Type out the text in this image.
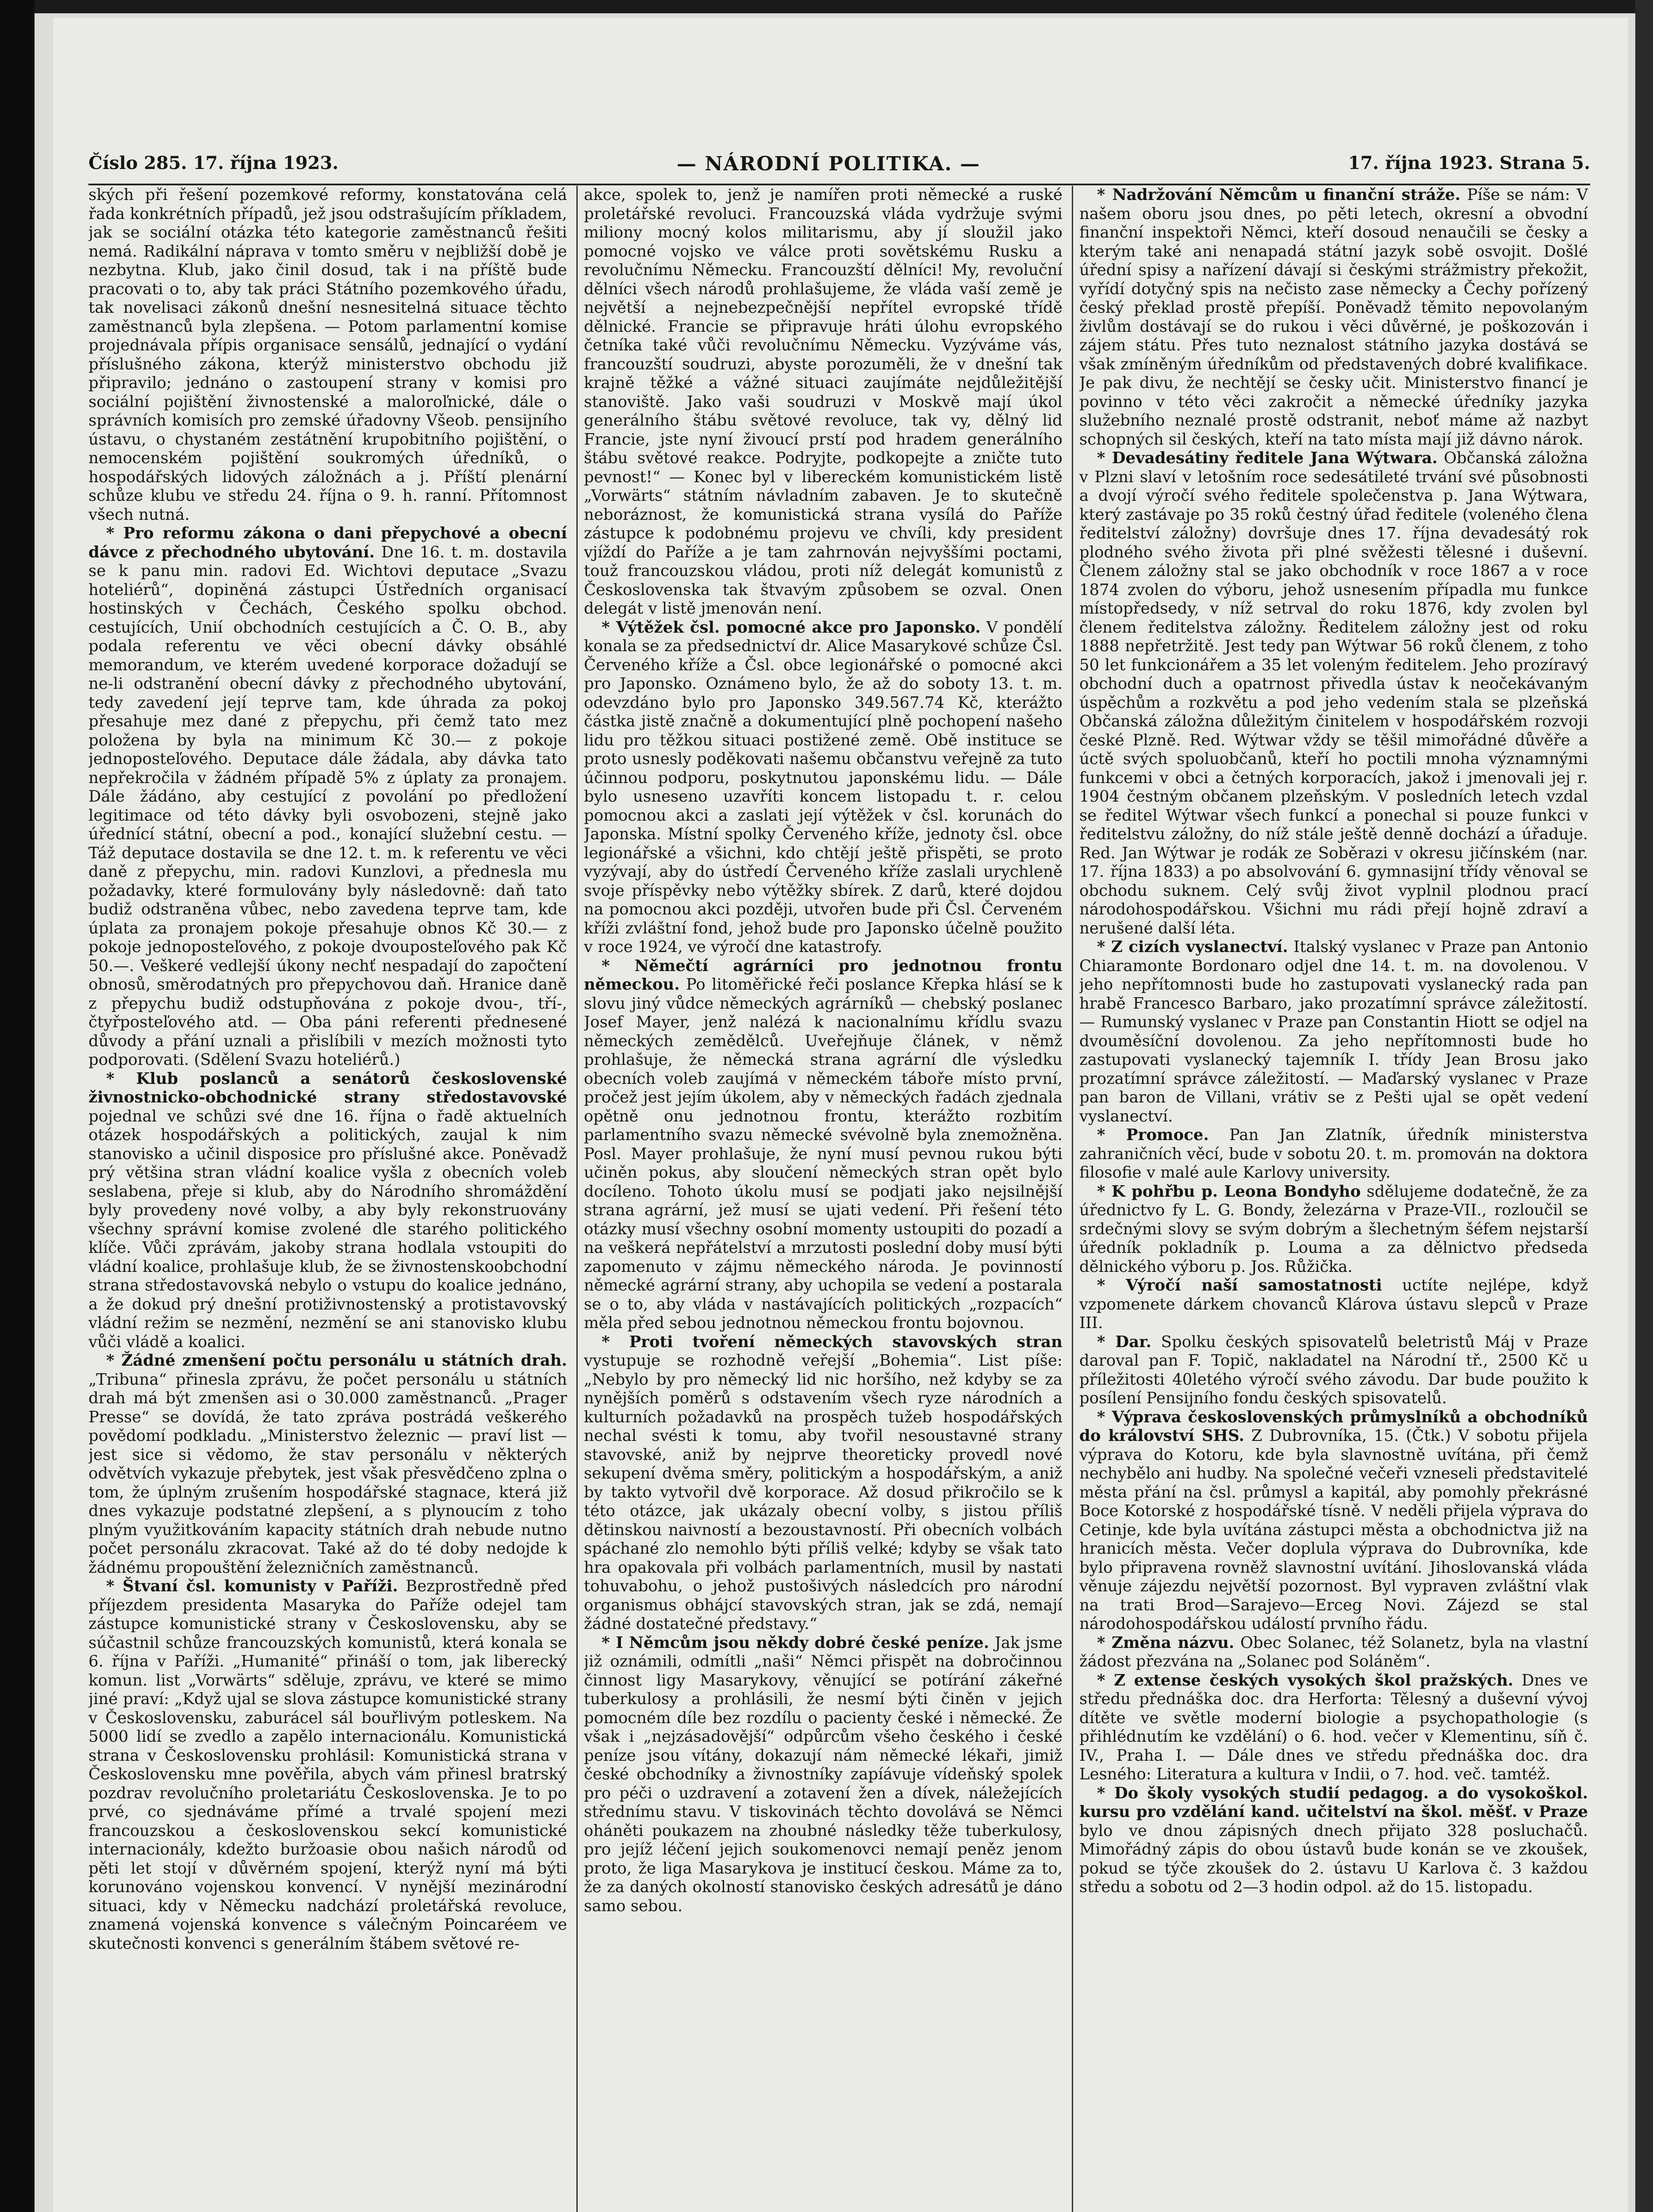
Číslo 285. 17. října 1923.	— NÁRODNÍ POLITIKA. —	17. října 1923. Strana 5.

ských při řešení pozemkové reformy, konstatována celá řada konkrétních případů, jež jsou odstrašujícím příkladem, jak se sociální otázka této kategorie zaměstnanců řešiti nemá. Radikální náprava v tomto směru v nejbližší době je nezbytna. Klub, jako činil dosud, tak i na příště bude pracovati o to, aby tak práci Státního pozemkového úřadu, tak novelisaci zákonů dnešní nesnesitelná situace těchto zaměstnanců byla zlepšena. — Potom parlamentní komise projednávala přípis organisace sensálů, jednající o vydání příslušného zákona, kterýž ministerstvo obchodu již připravilo; jednáno o zastoupení strany v komisi pro sociální pojištění živnostenské a maloroľnické, dále o správních komisích pro zemské úřadovny Všeob. pensijního ústavu, o chystaném zestátnění krupobitního pojištění, o nemocenském pojištění soukromých úředníků, o hospodářských lidových záložnách a j. Příští plenární schůze klubu ve středu 24. října o 9. h. ranní. Přítomnost všech nutná.

* Pro reformu zákona o dani přepychové a obecní dávce z přechodného ubytování. Dne 16. t. m. dostavila se k panu min. radovi Ed. Wichtovi deputace „Svazu hoteliérů“, dopiněná zástupci Ústředních organisací hostinských v Čechách, Českého spolku obchod. cestujících, Unií obchodních cestujících a Č. O. B., aby podala referentu ve věci obecní dávky obsáhlé memorandum, ve kterém uvedené korporace dožadují se ne-li odstranění obecní dávky z přechodného ubytování, tedy zavedení její teprve tam, kde úhrada za pokoj přesahuje mez dané z přepychu, při čemž tato mez položena by byla na minimum Kč 30.— z pokoje jednoposteľového. Deputace dále žádala, aby dávka tato nepřekročila v žádném případě 5% z úplaty za pronajem. Dále žádáno, aby cestující z povolání po předložení legitimace od této dávky byli osvobozeni, stejně jako úřednící státní, obecní a pod., konající služební cestu. — Táž deputace dostavila se dne 12. t. m. k referentu ve věci daně z přepychu, min. radovi Kunzlovi, a přednesla mu požadavky, které formulovány byly následovně: daň tato budiž odstraněna vůbec, nebo zavedena teprve tam, kde úplata za pronajem pokoje přesahuje obnos Kč 30.— z pokoje jednoposteľového, z pokoje dvouposteľového pak Kč 50.—. Veškeré vedlejší úkony nechť nespadají do započtení obnosů, směrodatných pro přepychovou daň. Hranice daně z přepychu budiž odstupňována z pokoje dvou-, tří-, čtyřposteľového atd. — Oba páni referenti přednesené důvody a přání uznali a přislíbili v mezích možnosti tyto podporovati. (Sdělení Svazu hoteliérů.)

* Klub poslanců a senátorů československé živnostnicko-obchodnické strany středostavovské pojednal ve schůzi své dne 16. října o řadě aktuelních otázek hospodářských a politických, zaujal k nim stanovisko a učinil disposice pro příslušné akce. Poněvadž prý většina stran vládní koalice vyšla z obecních voleb seslabena, přeje si klub, aby do Národního shromáždění byly provedeny nové volby, a aby byly rekonstruovány všechny správní komise zvolené dle starého politického klíče. Vůči zprávám, jakoby strana hodlala vstoupiti do vládní koalice, prohlašuje klub, že se živnostenskoobchodní strana středostavovská nebylo o vstupu do koalice jednáno, a že dokud prý dnešní protiživnostenský a protistavovský vládní režim se nezmění, nezmění se ani stanovisko klubu vůči vládě a koalici.

* Žádné zmenšení počtu personálu u státních drah. „Tribuna“ přinesla zprávu, že počet personálu u státních drah má být zmenšen asi o 30.000 zaměstnanců. „Prager Presse“ se dovídá, že tato zpráva postrádá veškerého povědomí podkladu. „Ministerstvo železnic — praví list — jest sice si vědomo, že stav personálu v některých odvětvích vykazuje přebytek, jest však přesvědčeno zplna o tom, že úplným zrušením hospodářské stagnace, která již dnes vykazuje podstatné zlepšení, a s plynoucím z toho plným využitkováním kapacity státních drah nebude nutno počet personálu zkracovat. Také až do té doby nedojde k žádnému propouštění železničních zaměstnanců.

* Štvaní čsl. komunisty v Paříži. Bezprostředně před příjezdem presidenta Masaryka do Paříže odejel tam zástupce komunistické strany v Československu, aby se súčastnil schůze francouzských komunistů, která konala se 6. října v Paříži. „Humanité“ přináší o tom, jak liberecký komun. list „Vorwärts“ sděluje, zprávu, ve které se mimo jiné praví: „Když ujal se slova zástupce komunistické strany v Československu, zaburácel sál bouřlivým potleskem. Na 5000 lidí se zvedlo a zapělo internacionálu. Komunistická strana v Československu prohlásil: Komunistická strana v Československu mne pověřila, abych vám přinesl bratrský pozdrav revolučního proletariátu Československa. Je to po prvé, co sjednáváme přímé a trvalé spojení mezi francouzskou a československou sekcí komunistické internacionály, kdežto buržoasie obou našich národů od pěti let stojí v důvěrném spojení, kterýž nyní má býti korunováno vojenskou konvencí. V nynější mezinárodní situaci, kdy v Německu nadchází proletářská revoluce, znamená vojenská konvence s válečným Poincaréem ve skutečnosti konvenci s generálním štábem světové re-

akce, spolek to, jenž je namířen proti německé a ruské proletářské revoluci. Francouzská vláda vydržuje svými miliony mocný kolos militarismu, aby jí sloužil jako pomocné vojsko ve válce proti sovětskému Rusku a revolučnímu Německu. Francouzští dělníci! My, revoluční dělníci všech národů prohlašujeme, že vláda vaší země je největší a nejnebezpečnější nepřítel evropské třídě dělnické. Francie se připravuje hráti úlohu evropského četníka také vůči revolučnímu Německu. Vyzýváme vás, francouzští soudruzi, abyste porozuměli, že v dnešní tak krajně těžké a vážné situaci zaujímáte nejdůležitější stanoviště. Jako vaši soudruzi v Moskvě mají úkol generálního štábu světové revoluce, tak vy, dělný lid Francie, jste nyní živoucí prstí pod hradem generálního štábu světové reakce. Podryjte, podkopejte a zničte tuto pevnost!“ — Konec byl v libereckém komunistickém listě „Vorwärts“ státním návladním zabaven. Je to skutečně neboráznost, že komunistická strana vysílá do Paříže zástupce k podobnému projevu ve chvíli, kdy president vjíždí do Paříže a je tam zahrnován nejvyššími poctami, touž francouzskou vládou, proti níž delegát komunistů z Československa tak štvavým způsobem se ozval. Onen delegát v listě jmenován není.

* Výtěžek čsl. pomocné akce pro Japonsko. V pondělí konala se za předsednictví dr. Alice Masarykové schůze Čsl. Červeného kříže a Čsl. obce legionářské o pomocné akci pro Japonsko. Oznámeno bylo, že až do soboty 13. t. m. odevzdáno bylo pro Japonsko 349.567.74 Kč, kterážto částka jistě značně a dokumentující plně pochopení našeho lidu pro těžkou situaci postižené země. Obě instituce se proto usnesly poděkovati našemu občanstvu veřejně za tuto účinnou podporu, poskytnutou japonskému lidu. — Dále bylo usneseno uzavříti koncem listopadu t. r. celou pomocnou akci a zaslati její výtěžek v čsl. korunách do Japonska. Místní spolky Červeného kříže, jednoty čsl. obce legionářské a všichni, kdo chtějí ještě přispěti, se proto vyzývají, aby do ústředí Červeného kříže zaslali urychleně svoje příspěvky nebo výtěžky sbírek. Z darů, které dojdou na pomocnou akci později, utvořen bude při Čsl. Červeném kříži zvláštní fond, jehož bude pro Japonsko účelně použito v roce 1924, ve výročí dne katastrofy.

* Němečtí agrárníci pro jednotnou frontu německou. Po litoměřické řeči poslance Křepka hlásí se k slovu jiný vůdce německých agrárníků — chebský poslanec Josef Mayer, jenž nalézá k nacionalnímu křídlu svazu německých zemědělců. Uveřejňuje článek, v němž prohlašuje, že německá strana agrární dle výsledku obecních voleb zaujímá v německém táboře místo první, pročež jest jejím úkolem, aby v německých řadách zjednala opětně onu jednotnou frontu, kterážto rozbitím parlamentního svazu německé svévolně byla znemožněna. Posl. Mayer prohlašuje, že nyní musí pevnou rukou býti učiněn pokus, aby sloučení německých stran opět bylo docíleno. Tohoto úkolu musí se podjati jako nejsilnější strana agrární, jež musí se ujati vedení. Při řešení této otázky musí všechny osobní momenty ustoupiti do pozadí a na veškerá nepřátelství a mrzutosti poslední doby musí býti zapomenuto v zájmu německého národa. Je povinností německé agrární strany, aby uchopila se vedení a postarala se o to, aby vláda v nastávajících politických „rozpacích“ měla před sebou jednotnou německou frontu bojovnou.

* Proti tvoření německých stavovských stran vystupuje se rozhodně veřejší „Bohemia“. List píše: „Nebylo by pro německý lid nic horšího, než kdyby se za nynějších poměrů s odstavením všech ryze národních a kulturních požadavků na prospěch tužeb hospodářských nechal svésti k tomu, aby tvořil nesoustavné strany stavovské, aniž by nejprve theoreticky provedl nové sekupení dvěma směry, politickým a hospodářským, a aniž by takto vytvořil dvě korporace. Až dosud přikročilo se k této otázce, jak ukázaly obecní volby, s jistou příliš dětinskou naivností a bezoustavností. Při obecních volbách spáchané zlo nemohlo býti příliš velké; kdyby se však tato hra opakovala při volbách parlamentních, musil by nastati tohuvabohu, o jehož pustošivých následcích pro národní organismus obhájcí stavovských stran, jak se zdá, nemají žádné dostatečné představy.“

* I Němcům jsou někdy dobré české peníze. Jak jsme již oznámili, odmítli „naši“ Němci přispět na dobročinnou činnost ligy Masarykovy, věnující se potírání zákeřné tuberkulosy a prohlásili, že nesmí býti činěn v jejich pomocném díle bez rozdílu o pacienty české i německé. Že však i „nejzásadovější“ odpůrcům všeho českého i české peníze jsou vítány, dokazují nám německé lékaři, jimiž české obchodníky a živnostníky zapíávuje vídeňský spolek pro péči o uzdravení a zotavení žen a dívek, náležejících střednímu stavu. V tiskovinách těchto dovolává se Němci oháněti poukazem na zhoubné následky těže tuberkulosy, pro jejíž léčení jejich soukomenovci nemají peněz jenom proto, že liga Masarykova je institucí českou. Máme za to, že za daných okolností stanovisko českých adresátů je dáno samo sebou.

* Nadržování Němcům u finanční stráže. Píše se nám: V našem oboru jsou dnes, po pěti letech, okresní a obvodní finanční inspektoři Němci, kteří dosoud nenaučili se česky a kterým také ani nenapadá státní jazyk sobě osvojit. Došlé úřední spisy a nařízení dávají si českými strážmistry překožit, vyřídí dotyčný spis na nečisto zase německy a Čechy pořízený český překlad prostě přepíší. Poněvadž těmito nepovolaným živlům dostávají se do rukou i věci důvěrné, je poškozován i zájem státu. Přes tuto neznalost státního jazyka dostává se však zmíněným úředníkům od představených dobré kvalifikace. Je pak divu, že nechtějí se česky učit. Ministerstvo financí je povinno v této věci zakročit a německé úředníky jazyka služebního neznalé prostě odstranit, neboť máme až nazbyt schopných sil českých, kteří na tato místa mají již dávno nárok.

* Devadesátiny ředitele Jana Wýtwara. Občanská záložna v Plzni slaví v letošním roce sedesátileté trvání své působnosti a dvojí výročí svého ředitele společenstva p. Jana Wýtwara, který zastávaje po 35 roků čestný úřad ředitele (voleného člena ředitelství záložny) dovršuje dnes 17. října devadesátý rok plodného svého života při plné svěžesti tělesné i duševní. Členem záložny stal se jako obchodník v roce 1867 a v roce 1874 zvolen do výboru, jehož usnesením případla mu funkce místopředsedy, v níž setrval do roku 1876, kdy zvolen byl členem ředitelstva záložny. Ředitelem záložny jest od roku 1888 nepřetržitě. Jest tedy pan Wýtwar 56 roků členem, z toho 50 let funkcionářem a 35 let voleným ředitelem. Jeho prozíravý obchodní duch a opatrnost přivedla ústav k neočekávaným úspěchům a rozkvětu a pod jeho vedením stala se plzeňská Občanská záložna důležitým činitelem v hospodářském rozvoji české Plzně. Red. Wýtwar vždy se těšil mimořádné důvěře a úctě svých spoluobčanů, kteří ho poctili mnoha významnými funkcemi v obci a četných korporacích, jakož i jmenovali jej r. 1904 čestným občanem plzeňským. V posledních letech vzdal se ředitel Wýtwar všech funkcí a ponechal si pouze funkci v ředitelstvu záložny, do níž stále ještě denně dochází a úřaduje. Red. Jan Wýtwar je rodák ze Soběrazi v okresu jičínském (nar. 17. října 1833) a po absolvování 6. gymnasijní třídy věnoval se obchodu suknem. Celý svůj život vyplnil plodnou prací národohospodářskou. Všichni mu rádi přejí hojně zdraví a nerušené další léta.

* Z cizích vyslanectví. Italský vyslanec v Praze pan Antonio Chiaramonte Bordonaro odjel dne 14. t. m. na dovolenou. V jeho nepřítomnosti bude ho zastupovati vyslanecký rada pan hrabě Francesco Barbaro, jako prozatímní správce záležitostí. — Rumunský vyslanec v Praze pan Constantin Hiott se odjel na dvouměsíční dovolenou. Za jeho nepřítomnosti bude ho zastupovati vyslanecký tajemník I. třídy Jean Brosu jako prozatímní správce záležitostí. — Maďarský vyslanec v Praze pan baron de Villani, vrátiv se z Pešti ujal se opět vedení vyslanectví.

* Promoce. Pan Jan Zlatník, úředník ministerstva zahraničních věcí, bude v sobotu 20. t. m. promován na doktora filosofie v malé aule Karlovy university.

* K pohřbu p. Leona Bondyho sdělujeme dodatečně, že za úřednictvo fy L. G. Bondy, železárna v Praze-VII., rozloučil se srdečnými slovy se svým dobrým a šlechetným šéfem nejstarší úředník pokladník p. Louma a za dělnictvo předseda dělnického výboru p. Jos. Růžička.

* Výročí naší samostatnosti uctíte nejlépe, když vzpomenete dárkem chovanců Klárova ústavu slepců v Praze III.

* Dar. Spolku českých spisovatelů beletristů Máj v Praze daroval pan F. Topič, nakladatel na Národní tř., 2500 Kč u příležitosti 40letého výročí svého závodu. Dar bude použito k posílení Pensijního fondu českých spisovatelů.

* Výprava československých průmyslníků a obchodníků do království SHS. Z Dubrovníka, 15. (Čtk.) V sobotu přijela výprava do Kotoru, kde byla slavnostně uvítána, při čemž nechybělo ani hudby. Na společné večeři vzneseli představitelé města přání na čsl. průmysl a kapitál, aby pomohly překrásné Boce Kotorské z hospodářské tísně. V neděli přijela výprava do Cetinje, kde byla uvítána zástupci města a obchodnictva již na hranicích města. Večer doplula výprava do Dubrovníka, kde bylo připravena rovněž slavnostní uvítání. Jihoslovanská vláda věnuje zájezdu největší pozornost. Byl vypraven zvláštní vlak na trati Brod—Sarajevo—Erceg Novi. Zájezd se stal národohospodářskou událostí prvního řádu.

* Změna názvu. Obec Solanec, též Solanetz, byla na vlastní žádost přezvána na „Solanec pod Soláněm“.

* Z extense českých vysokých škol pražských. Dnes ve středu přednáška doc. dra Herforta: Tělesný a duševní vývoj dítěte ve světle moderní biologie a psychopathologie (s přihlédnutím ke vzdělání) o 6. hod. večer v Klementinu, síň č. IV., Praha I. — Dále dnes ve středu přednáška doc. dra Lesného: Literatura a kultura v Indii, o 7. hod. več. tamtéž.

* Do školy vysokých studií pedagog. a do vysokoškol. kursu pro vzdělání kand. učitelství na škol. měšť. v Praze bylo ve dnou zápisných dnech přijato 328 posluchačů. Mimořádný zápis do obou ústavů bude konán se ve zkoušek, pokud se týče zkoušek do 2. ústavu U Karlova č. 3 každou středu a sobotu od 2—3 hodin odpol. až do 15. listopadu.
